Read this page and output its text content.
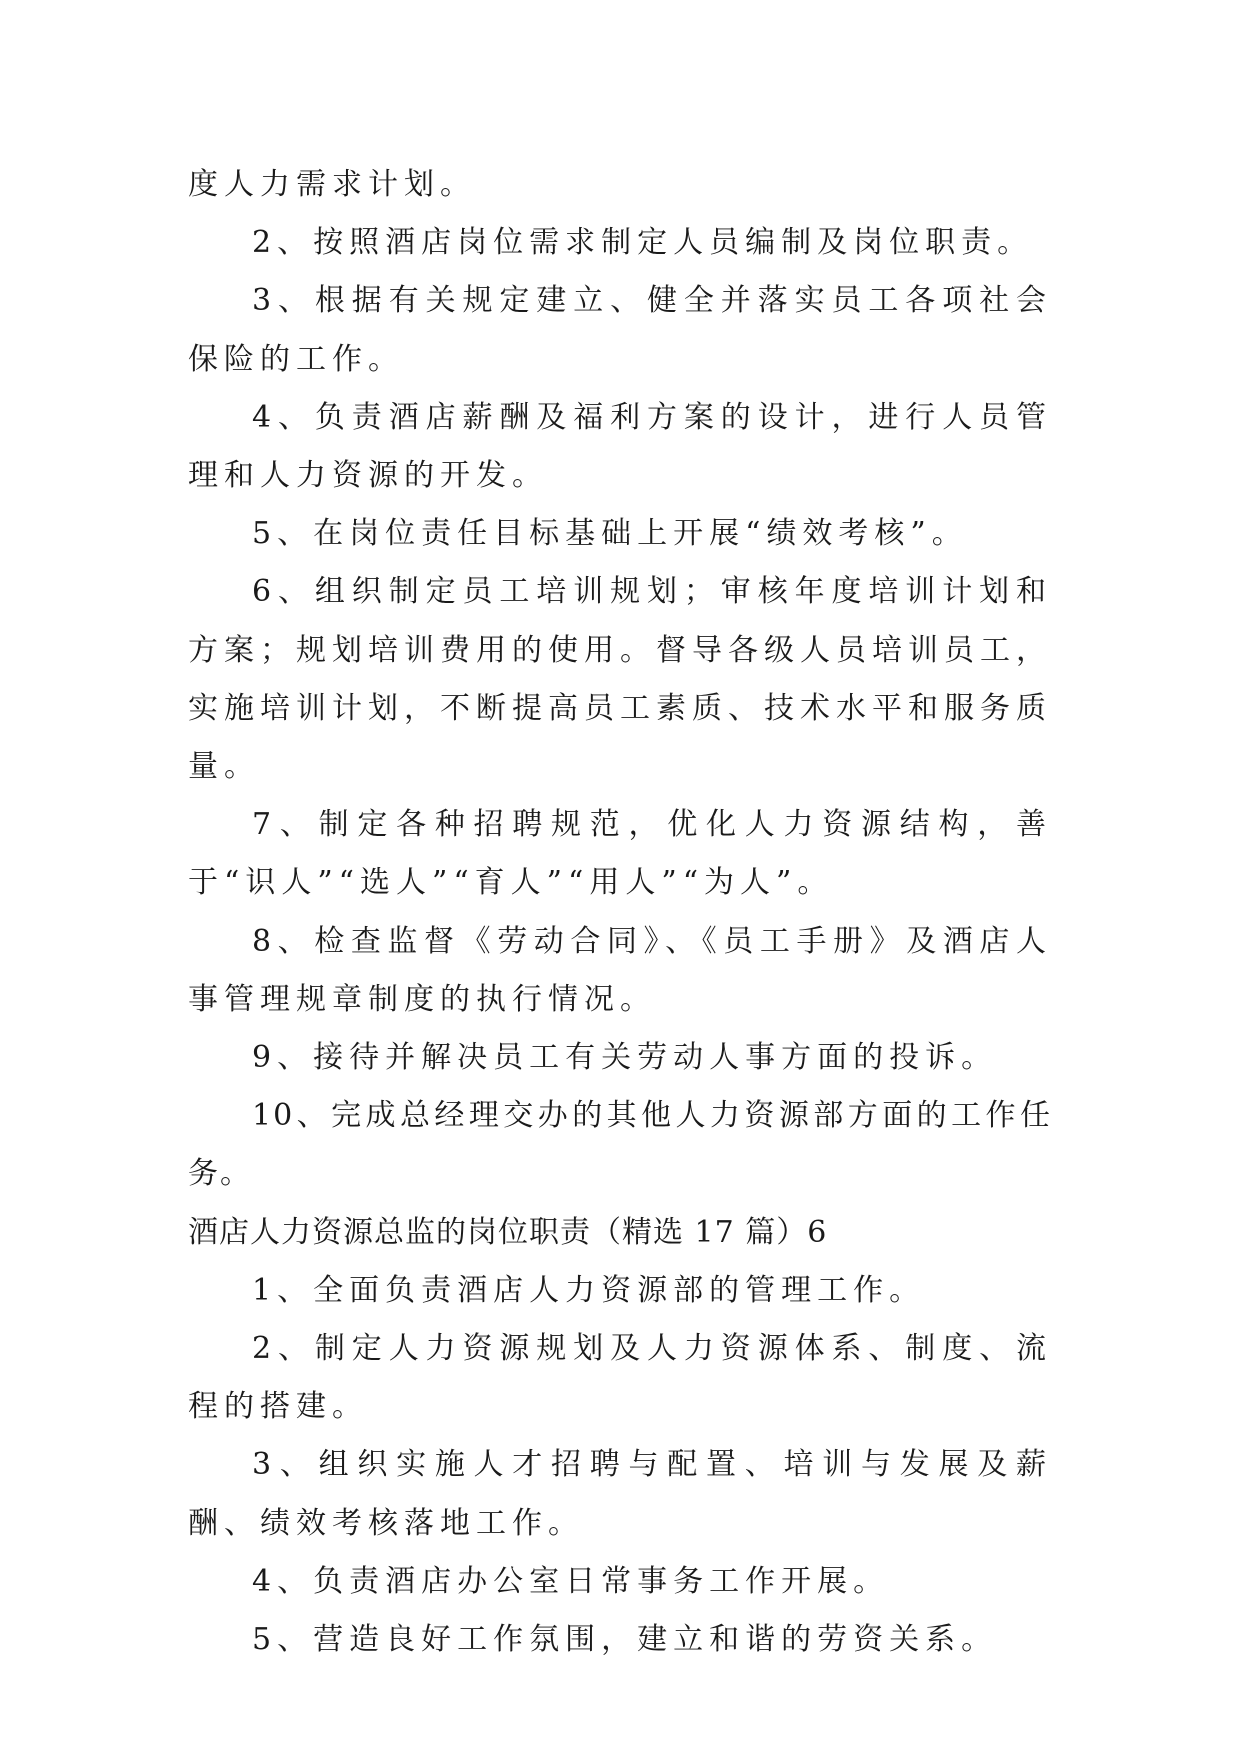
度人力需求计划。

2、按照酒店岗位需求制定人员编制及岗位职责。

3、根据有关规定建立、健全并落实员工各项社会保险的工作。

4、负责酒店薪酬及福利方案的设计，进行人员管理和人力资源的开发。

5、在岗位责任目标基础上开展“绩效考核”。

6、组织制定员工培训规划；审核年度培训计划和方案；规划培训费用的使用。督导各级人员培训员工，实施培训计划，不断提高员工素质、技术水平和服务质量。

7、制定各种招聘规范，优化人力资源结构，善于“识人”“选人”“育人”“用人”“为人”。

8、检查监督《劳动合同》、《员工手册》及酒店人事管理规章制度的执行情况。

9、接待并解决员工有关劳动人事方面的投诉。

10、完成总经理交办的其他人力资源部方面的工作任务。

酒店人力资源总监的岗位职责（精选 17 篇）6

1、全面负责酒店人力资源部的管理工作。

2、制定人力资源规划及人力资源体系、制度、流程的搭建。

3、组织实施人才招聘与配置、培训与发展及薪酬、绩效考核落地工作。

4、负责酒店办公室日常事务工作开展。

5、营造良好工作氛围，建立和谐的劳资关系。
